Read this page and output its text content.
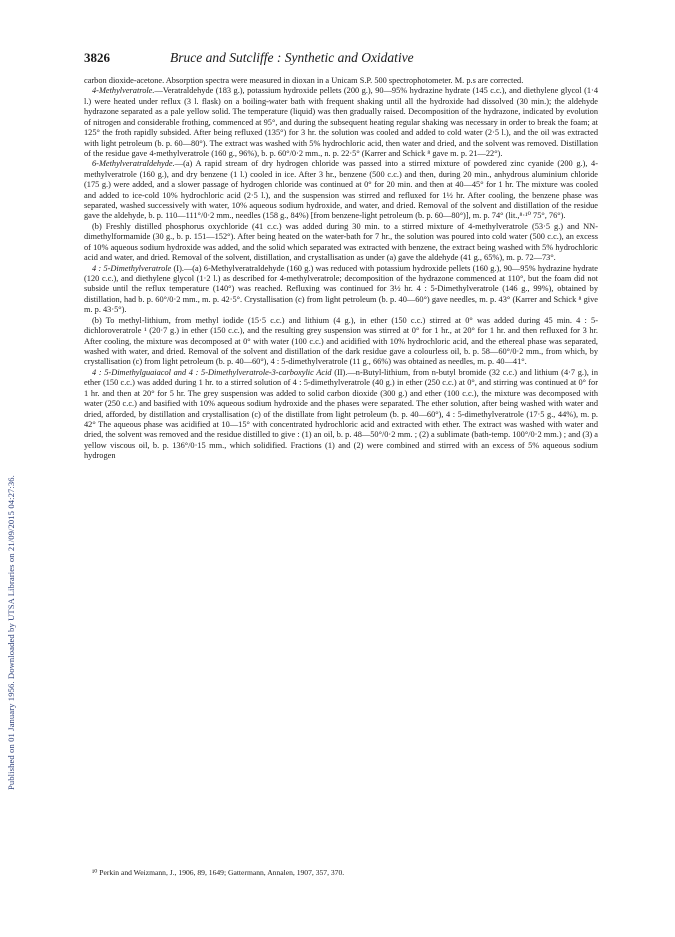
Published on 01 January 1956. Downloaded by UTSA Libraries on 21/09/2015 04:27:36.
3826	Bruce and Sutcliffe : Synthetic and Oxidative

carbon dioxide-acetone. Absorption spectra were measured in dioxan in a Unicam S.P. 500 spectrophotometer. M. p.s are corrected.

4-Methylveratrole.—Veratraldehyde (183 g.), potassium hydroxide pellets (200 g.), 90—95% hydrazine hydrate (145 c.c.), and diethylene glycol (1·4 l.) were heated under reflux (3 l. flask) on a boiling-water bath with frequent shaking until all the hydroxide had dissolved (30 min.); the aldehyde hydrazone separated as a pale yellow solid. The temperature (liquid) was then gradually raised. Decomposition of the hydrazone, indicated by evolution of nitrogen and considerable frothing, commenced at 95°, and during the subsequent heating regular shaking was necessary in order to break the foam; at 125° the froth rapidly subsided. After being refluxed (135°) for 3 hr. the solution was cooled and added to cold water (2·5 l.), and the oil was extracted with light petroleum (b. p. 60—80°). The extract was washed with 5% hydrochloric acid, then water and dried, and the solvent was removed. Distillation of the residue gave 4-methylveratrole (160 g., 96%), b. p. 60°/0·2 mm., n. p. 22·5° (Karrer and Schick ⁸ gave m. p. 21—22°).

6-Methylveratraldehyde.—(a) A rapid stream of dry hydrogen chloride was passed into a stirred mixture of powdered zinc cyanide (200 g.), 4-methylveratrole (160 g.), and dry benzene (1 l.) cooled in ice. After 3 hr., benzene (500 c.c.) and then, during 20 min., anhydrous aluminium chloride (175 g.) were added, and a slower passage of hydrogen chloride was continued at 0° for 20 min. and then at 40—45° for 1 hr. The mixture was cooled and added to ice-cold 10% hydrochloric acid (2·5 l.), and the suspension was stirred and refluxed for 1½ hr. After cooling, the benzene phase was separated, washed successively with water, 10% aqueous sodium hydroxide, and water, and dried. Removal of the solvent and distillation of the residue gave the aldehyde, b. p. 110—111°/0·2 mm., needles (158 g., 84%) [from benzene-light petroleum (b. p. 60—80°)], m. p. 74° (lit.,⁸·¹⁰ 75°, 76°).

(b) Freshly distilled phosphorus oxychloride (41 c.c.) was added during 30 min. to a stirred mixture of 4-methylveratrole (53·5 g.) and NN-dimethylformamide (30 g., b. p. 151—152°). After being heated on the water-bath for 7 hr., the solution was poured into cold water (500 c.c.), an excess of 10% aqueous sodium hydroxide was added, and the solid which separated was extracted with benzene, the extract being washed with 5% hydrochloric acid and water, and dried. Removal of the solvent, distillation, and crystallisation as under (a) gave the aldehyde (41 g., 65%), m. p. 72—73°.

4 : 5-Dimethylveratrole (I).—(a) 6-Methylveratraldehyde (160 g.) was reduced with potassium hydroxide pellets (160 g.), 90—95% hydrazine hydrate (120 c.c.), and diethylene glycol (1·2 l.) as described for 4-methylveratrole; decomposition of the hydrazone commenced at 110°, but the foam did not subside until the reflux temperature (140°) was reached. Refluxing was continued for 3½ hr. 4 : 5-Dimethylveratrole (146 g., 99%), obtained by distillation, had b. p. 60°/0·2 mm., m. p. 42·5°. Crystallisation (c) from light petroleum (b. p. 40—60°) gave needles, m. p. 43° (Karrer and Schick ⁸ give m. p. 43·5°).

(b) To methyl-lithium, from methyl iodide (15·5 c.c.) and lithium (4 g.), in ether (150 c.c.) stirred at 0° was added during 45 min. 4 : 5-dichloroveratrole ¹ (20·7 g.) in ether (150 c.c.), and the resulting grey suspension was stirred at 0° for 1 hr., at 20° for 1 hr. and then refluxed for 3 hr. After cooling, the mixture was decomposed at 0° with water (100 c.c.) and acidified with 10% hydrochloric acid, and the ethereal phase was separated, washed with water, and dried. Removal of the solvent and distillation of the dark residue gave a colourless oil, b. p. 58—60°/0·2 mm., from which, by crystallisation (c) from light petroleum (b. p. 40—60°), 4 : 5-dimethylveratrole (11 g., 66%) was obtained as needles, m. p. 40—41°.

4 : 5-Dimethylguaiacol and 4 : 5-Dimethylveratrole-3-carboxylic Acid (II).—n-Butyl-lithium, from n-butyl bromide (32 c.c.) and lithium (4·7 g.), in ether (150 c.c.) was added during 1 hr. to a stirred solution of 4 : 5-dimethylveratrole (40 g.) in ether (250 c.c.) at 0°, and stirring was continued at 0° for 1 hr. and then at 20° for 5 hr. The grey suspension was added to solid carbon dioxide (300 g.) and ether (100 c.c.), the mixture was decomposed with water (250 c.c.) and basified with 10% aqueous sodium hydroxide and the phases were separated. The ether solution, after being washed with water and dried, afforded, by distillation and crystallisation (c) of the distillate from light petroleum (b. p. 40—60°), 4 : 5-dimethylveratrole (17·5 g., 44%), m. p. 42° The aqueous phase was acidified at 10—15° with concentrated hydrochloric acid and extracted with ether. The extract was washed with water and dried, the solvent was removed and the residue distilled to give : (1) an oil, b. p. 48—50°/0·2 mm. ; (2) a sublimate (bath-temp. 100°/0·2 mm.) ; and (3) a yellow viscous oil, b. p. 136°/0·15 mm., which solidified. Fractions (1) and (2) were combined and stirred with an excess of 5% aqueous sodium hydrogen

¹⁰ Perkin and Weizmann, J., 1906, 89, 1649; Gattermann, Annalen, 1907, 357, 370.
